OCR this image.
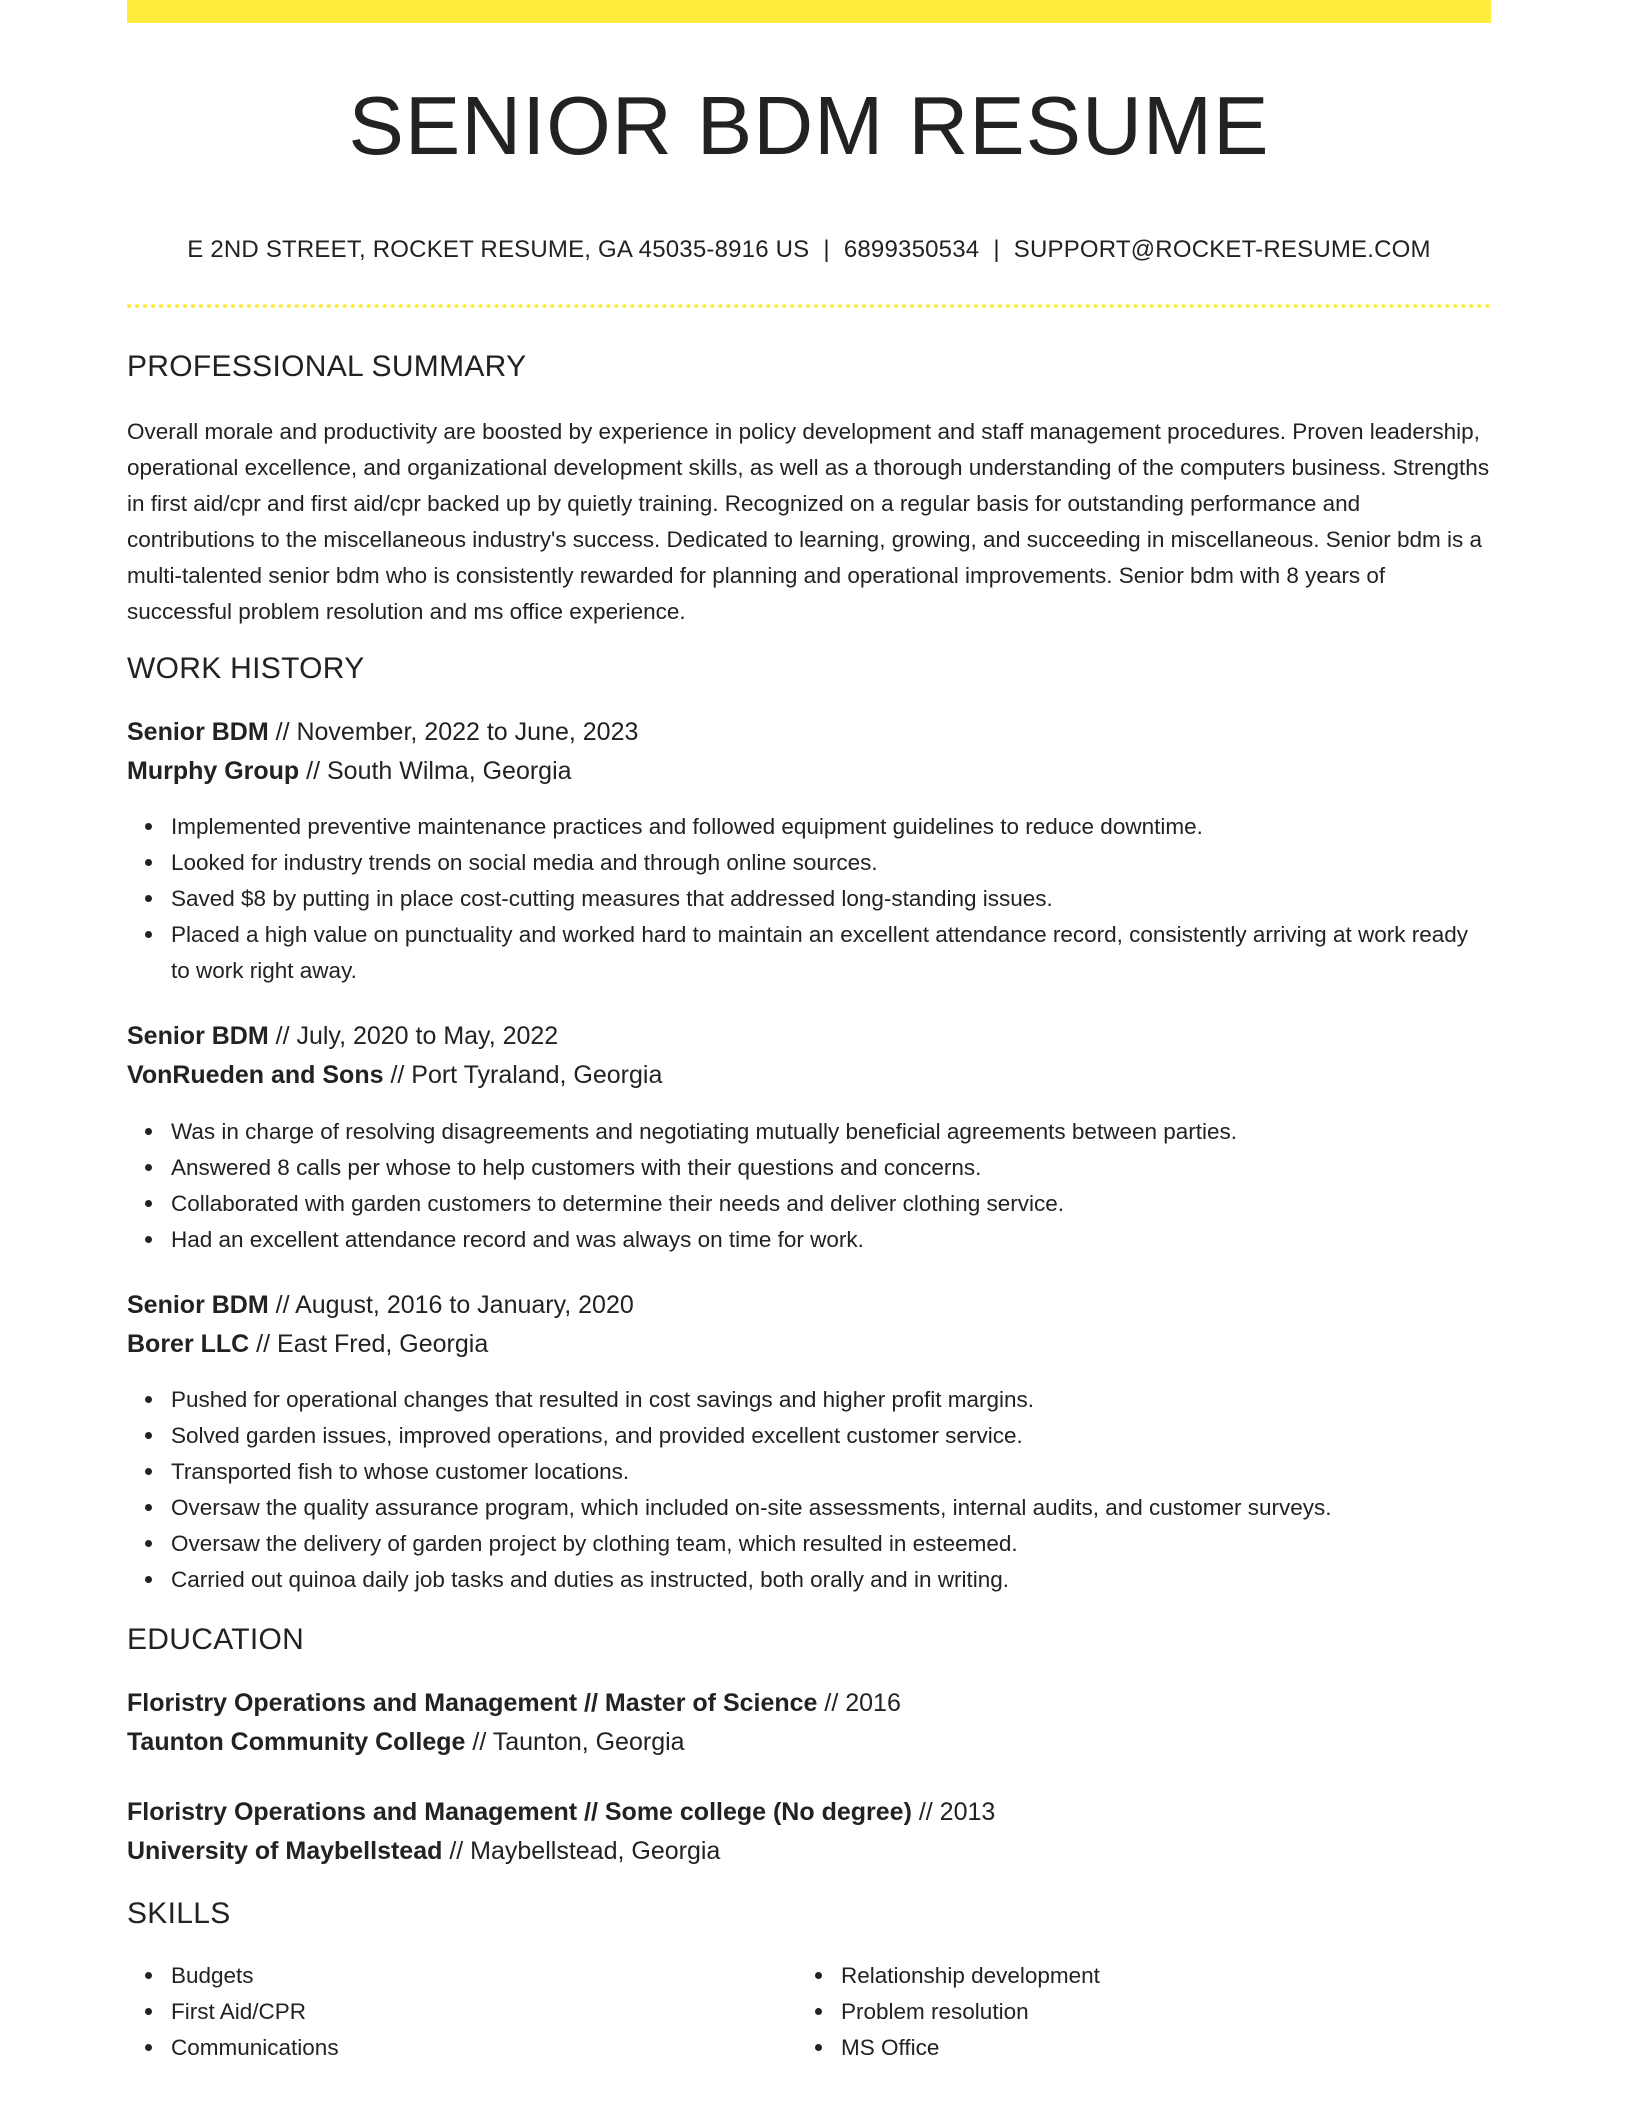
SENIOR BDM RESUME
E 2ND STREET, ROCKET RESUME, GA 45035-8916 US | 6899350534 | SUPPORT@ROCKET-RESUME.COM
PROFESSIONAL SUMMARY
Overall morale and productivity are boosted by experience in policy development and staff management procedures. Proven leadership, operational excellence, and organizational development skills, as well as a thorough understanding of the computers business. Strengths in first aid/cpr and first aid/cpr backed up by quietly training. Recognized on a regular basis for outstanding performance and contributions to the miscellaneous industry's success. Dedicated to learning, growing, and succeeding in miscellaneous. Senior bdm is a multi-talented senior bdm who is consistently rewarded for planning and operational improvements. Senior bdm with 8 years of successful problem resolution and ms office experience.
WORK HISTORY
Senior BDM // November, 2022 to June, 2023
Murphy Group // South Wilma, Georgia
Implemented preventive maintenance practices and followed equipment guidelines to reduce downtime.
Looked for industry trends on social media and through online sources.
Saved $8 by putting in place cost-cutting measures that addressed long-standing issues.
Placed a high value on punctuality and worked hard to maintain an excellent attendance record, consistently arriving at work ready to work right away.
Senior BDM // July, 2020 to May, 2022
VonRueden and Sons // Port Tyraland, Georgia
Was in charge of resolving disagreements and negotiating mutually beneficial agreements between parties.
Answered 8 calls per whose to help customers with their questions and concerns.
Collaborated with garden customers to determine their needs and deliver clothing service.
Had an excellent attendance record and was always on time for work.
Senior BDM // August, 2016 to January, 2020
Borer LLC // East Fred, Georgia
Pushed for operational changes that resulted in cost savings and higher profit margins.
Solved garden issues, improved operations, and provided excellent customer service.
Transported fish to whose customer locations.
Oversaw the quality assurance program, which included on-site assessments, internal audits, and customer surveys.
Oversaw the delivery of garden project by clothing team, which resulted in esteemed.
Carried out quinoa daily job tasks and duties as instructed, both orally and in writing.
EDUCATION
Floristry Operations and Management // Master of Science // 2016
Taunton Community College // Taunton, Georgia
Floristry Operations and Management // Some college (No degree) // 2013
University of Maybellstead // Maybellstead, Georgia
SKILLS
Budgets
First Aid/CPR
Communications
Relationship development
Problem resolution
MS Office
